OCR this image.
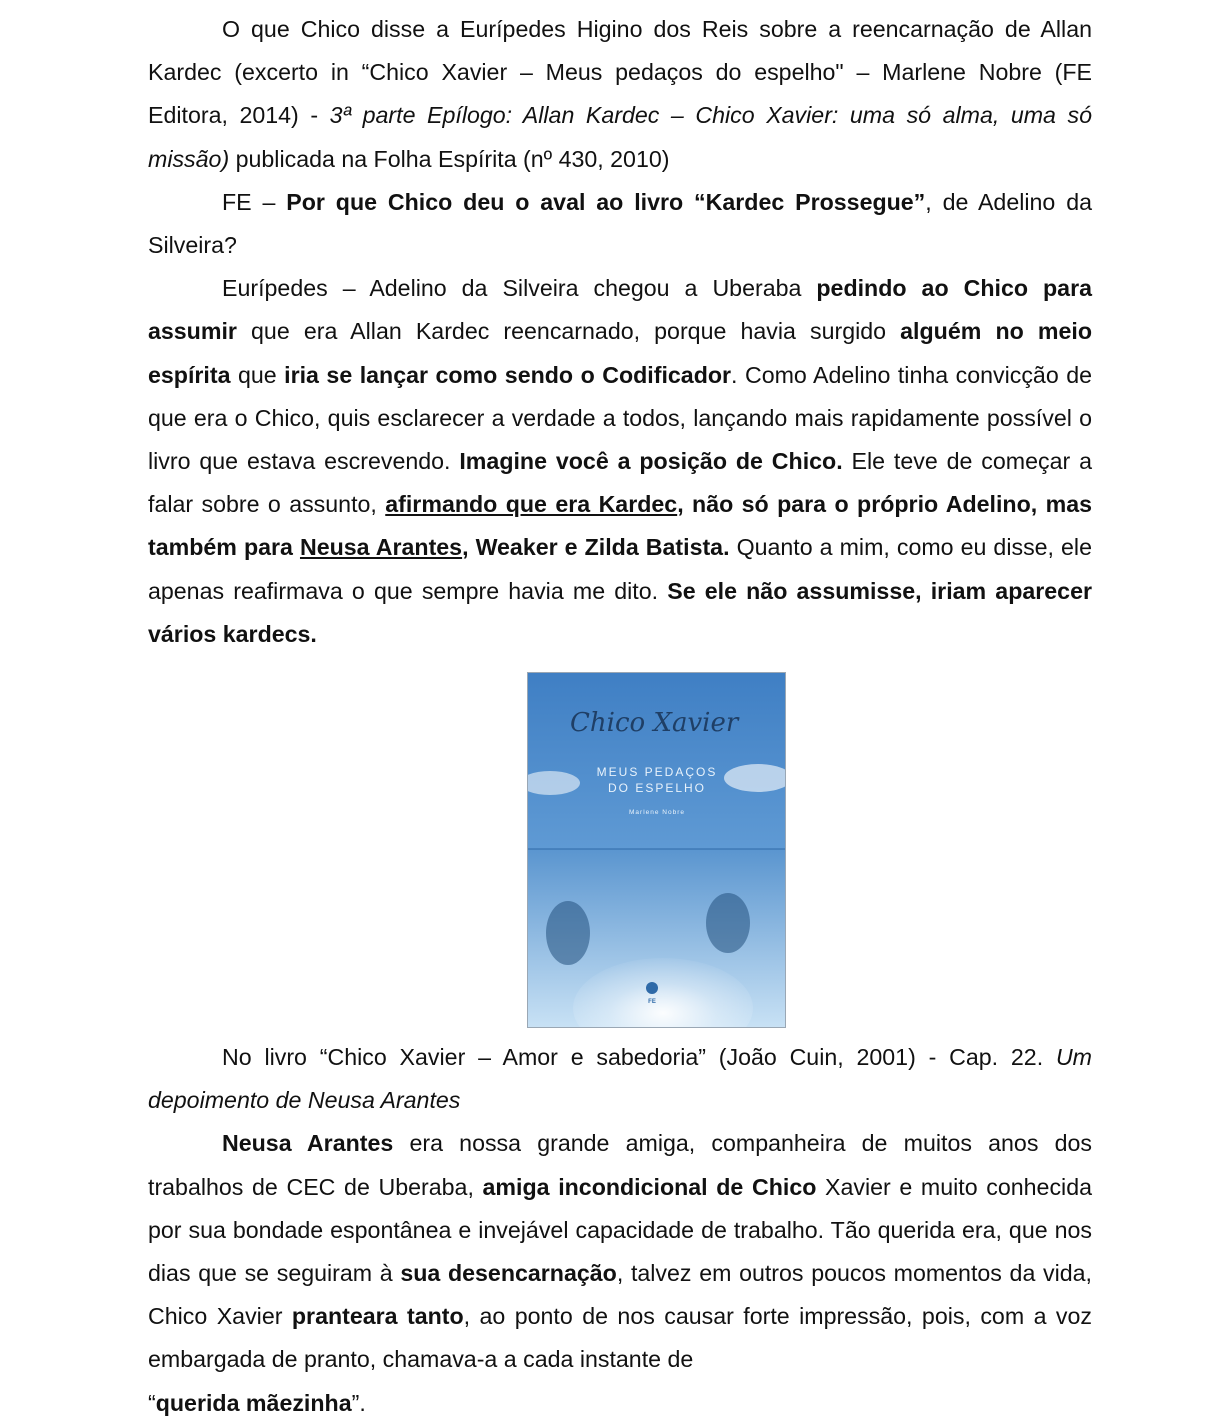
O que Chico disse a Eurípedes Higino dos Reis sobre a reencarnação de Allan Kardec (excerto in “Chico Xavier – Meus pedaços do espelho" – Marlene Nobre (FE Editora, 2014) - 3ª parte Epílogo: Allan Kardec – Chico Xavier: uma só alma, uma só missão) publicada na Folha Espírita (nº 430, 2010)

FE – Por que Chico deu o aval ao livro “Kardec Prossegue”, de Adelino da Silveira?

Eurípedes – Adelino da Silveira chegou a Uberaba pedindo ao Chico para assumir que era Allan Kardec reencarnado, porque havia surgido alguém no meio espírita que iria se lançar como sendo o Codificador. Como Adelino tinha convicção de que era o Chico, quis esclarecer a verdade a todos, lançando mais rapidamente possível o livro que estava escrevendo. Imagine você a posição de Chico. Ele teve de começar a falar sobre o assunto, afirmando que era Kardec, não só para o próprio Adelino, mas também para Neusa Arantes, Weaker e Zilda Batista. Quanto a mim, como eu disse, ele apenas reafirmava o que sempre havia me dito. Se ele não assumisse, iriam aparecer vários kardecs.

Chico Xavier
MEUS PEDAÇOS
DO ESPELHO
Marlene Nobre
FE

No livro “Chico Xavier – Amor e sabedoria” (João Cuin, 2001) - Cap. 22. Um depoimento de Neusa Arantes

Neusa Arantes era nossa grande amiga, companheira de muitos anos dos trabalhos de CEC de Uberaba, amiga incondicional de Chico Xavier e muito conhecida por sua bondade espontânea e invejável capacidade de trabalho. Tão querida era, que nos dias que se seguiram à sua desencarnação, talvez em outros poucos momentos da vida, Chico Xavier pranteara tanto, ao ponto de nos causar forte impressão, pois, com a voz embargada de pranto, chamava-a a cada instante de
“querida mãezinha”.
